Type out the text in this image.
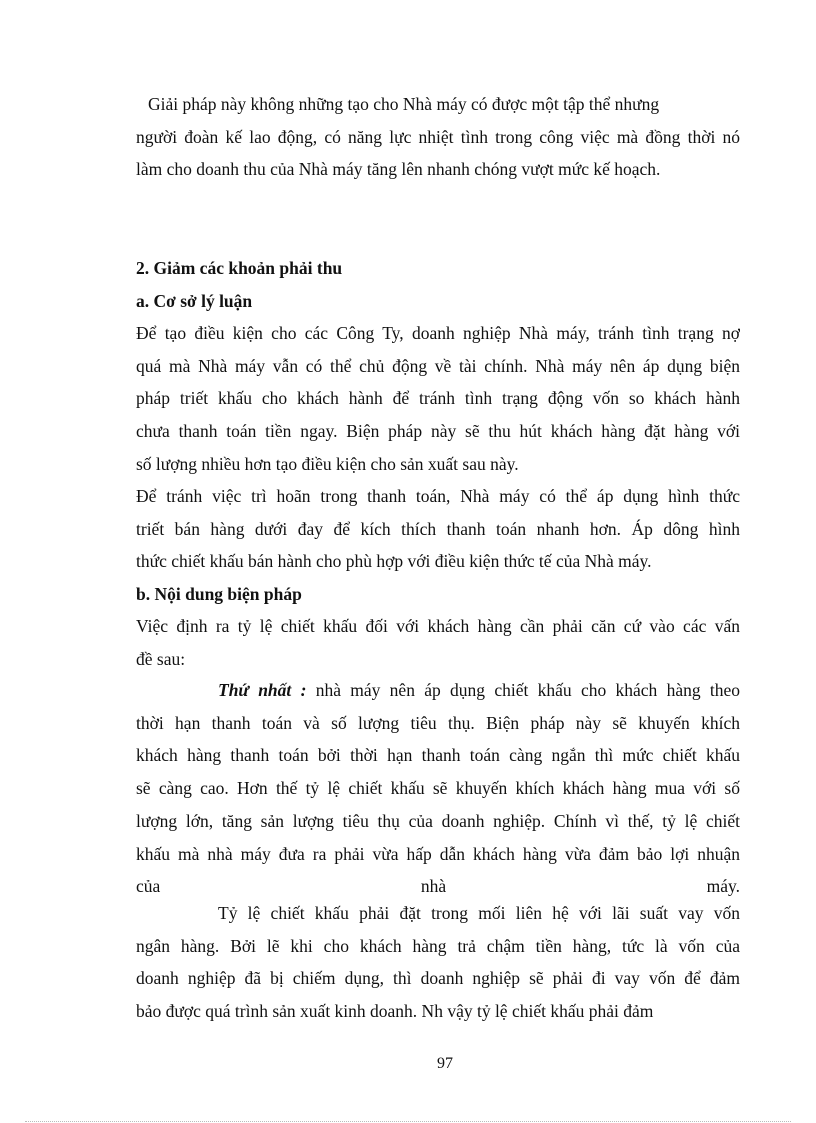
Giải pháp này không những tạo cho Nhà máy có được một tập thể nhưng
người đoàn kế lao động, có năng lực nhiệt tình trong công việc mà đồng thời nó
làm cho doanh thu của Nhà máy tăng lên nhanh chóng vượt mức kế hoạch.
2. Giảm các khoản phải thu
a. Cơ sở lý luận
Để tạo điều kiện cho các Công Ty, doanh nghiệp Nhà máy, tránh tình trạng nợ
quá mà Nhà máy vẫn có thể chủ động về tài chính. Nhà máy nên áp dụng biện
pháp triết khấu cho khách hành để tránh tình trạng động vốn so khách hành
chưa thanh toán tiền ngay. Biện pháp này sẽ thu hút khách hàng đặt hàng với
số lượng nhiều hơn tạo điều kiện cho sản xuất sau này.
Để tránh việc trì hoãn trong thanh toán, Nhà máy có thể áp dụng hình thức
triết bán hàng dưới đay để kích thích thanh toán nhanh hơn. Áp dông hình
thức chiết khấu bán hành cho phù hợp với điều kiện thức tế của Nhà máy.
b. Nội dung biện pháp
Việc định ra tỷ lệ chiết khấu đối với khách hàng cần phải căn cứ vào các vấn
đề sau:
Thứ nhất : nhà máy nên áp dụng chiết khấu cho khách hàng theo
thời hạn thanh toán và số lượng tiêu thụ. Biện pháp này sẽ khuyến khích
khách hàng thanh toán bởi thời hạn thanh toán càng ngắn thì mức chiết khấu
sẽ càng cao. Hơn thế tỷ lệ chiết khấu sẽ khuyến khích khách hàng mua với số
lượng lớn, tăng sản lượng tiêu thụ của doanh nghiệp. Chính vì thế, tỷ lệ chiết
khấu mà nhà máy đưa ra phải vừa hấp dẫn khách hàng vừa đảm bảo lợi nhuận
của nhà máy.
Tỷ lệ chiết khấu phải đặt trong mối liên hệ với lãi suất vay vốn
ngân hàng. Bởi lẽ khi cho khách hàng trả chậm tiền hàng, tức là vốn của
doanh nghiệp đã bị chiếm dụng, thì doanh nghiệp sẽ phải đi vay vốn để đảm
bảo được quá trình sản xuất kinh doanh. Nh vậy tỷ lệ chiết khấu phải đảm
97
